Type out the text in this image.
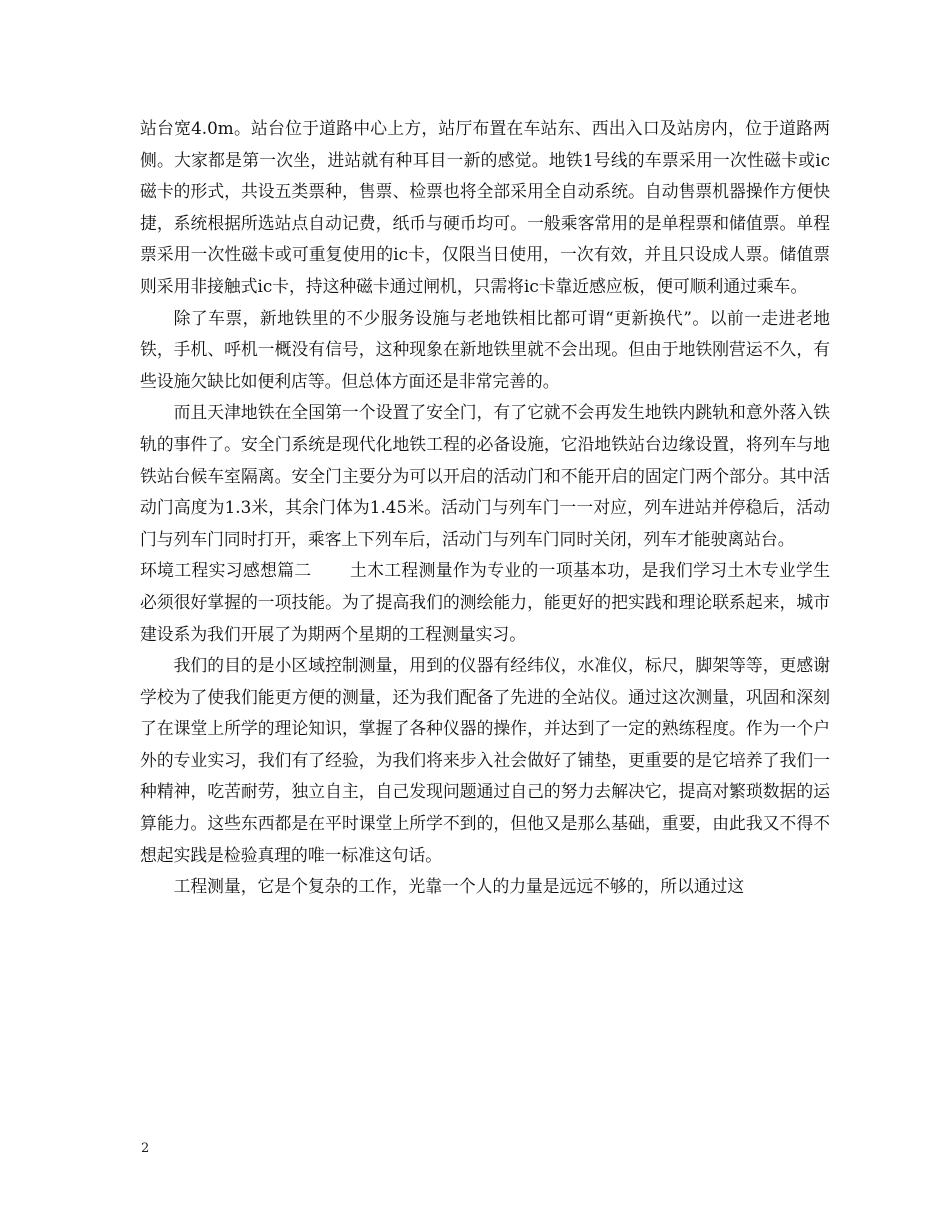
站台宽4.0m。站台位于道路中心上方，站厅布置在车站东、西出入口及站房内，位于道路两侧。大家都是第一次坐，进站就有种耳目一新的感觉。地铁1号线的车票采用一次性磁卡或ic磁卡的形式，共设五类票种，售票、检票也将全部采用全自动系统。自动售票机器操作方便快捷，系统根据所选站点自动记费，纸币与硬币均可。一般乘客常用的是单程票和储值票。单程票采用一次性磁卡或可重复使用的ic卡，仅限当日使用，一次有效，并且只设成人票。储值票则采用非接触式ic卡，持这种磁卡通过闸机，只需将ic卡靠近感应板，便可顺利通过乘车。

除了车票，新地铁里的不少服务设施与老地铁相比都可谓“更新换代”。以前一走进老地铁，手机、呼机一概没有信号，这种现象在新地铁里就不会出现。但由于地铁刚营运不久，有些设施欠缺比如便利店等。但总体方面还是非常完善的。

而且天津地铁在全国第一个设置了安全门，有了它就不会再发生地铁内跳轨和意外落入铁轨的事件了。安全门系统是现代化地铁工程的必备设施，它沿地铁站台边缘设置，将列车与地铁站台候车室隔离。安全门主要分为可以开启的活动门和不能开启的固定门两个部分。其中活动门高度为1.3米，其余门体为1.45米。活动门与列车门一一对应，列车进站并停稳后，活动门与列车门同时打开，乘客上下列车后，活动门与列车门同时关闭，列车才能驶离站台。

环境工程实习感想篇二 土木工程测量作为专业的一项基本功，是我们学习土木专业学生必须很好掌握的一项技能。为了提高我们的测绘能力，能更好的把实践和理论联系起来，城市建设系为我们开展了为期两个星期的工程测量实习。

我们的目的是小区域控制测量，用到的仪器有经纬仪，水准仪，标尺，脚架等等，更感谢学校为了使我们能更方便的测量，还为我们配备了先进的全站仪。通过这次测量，巩固和深刻了在课堂上所学的理论知识，掌握了各种仪器的操作，并达到了一定的熟练程度。作为一个户外的专业实习，我们有了经验，为我们将来步入社会做好了铺垫，更重要的是它培养了我们一种精神，吃苦耐劳，独立自主，自己发现问题通过自己的努力去解决它，提高对繁琐数据的运算能力。这些东西都是在平时课堂上所学不到的，但他又是那么基础，重要，由此我又不得不想起实践是检验真理的唯一标准这句话。

工程测量，它是个复杂的工作，光靠一个人的力量是远远不够的，所以通过这

2
